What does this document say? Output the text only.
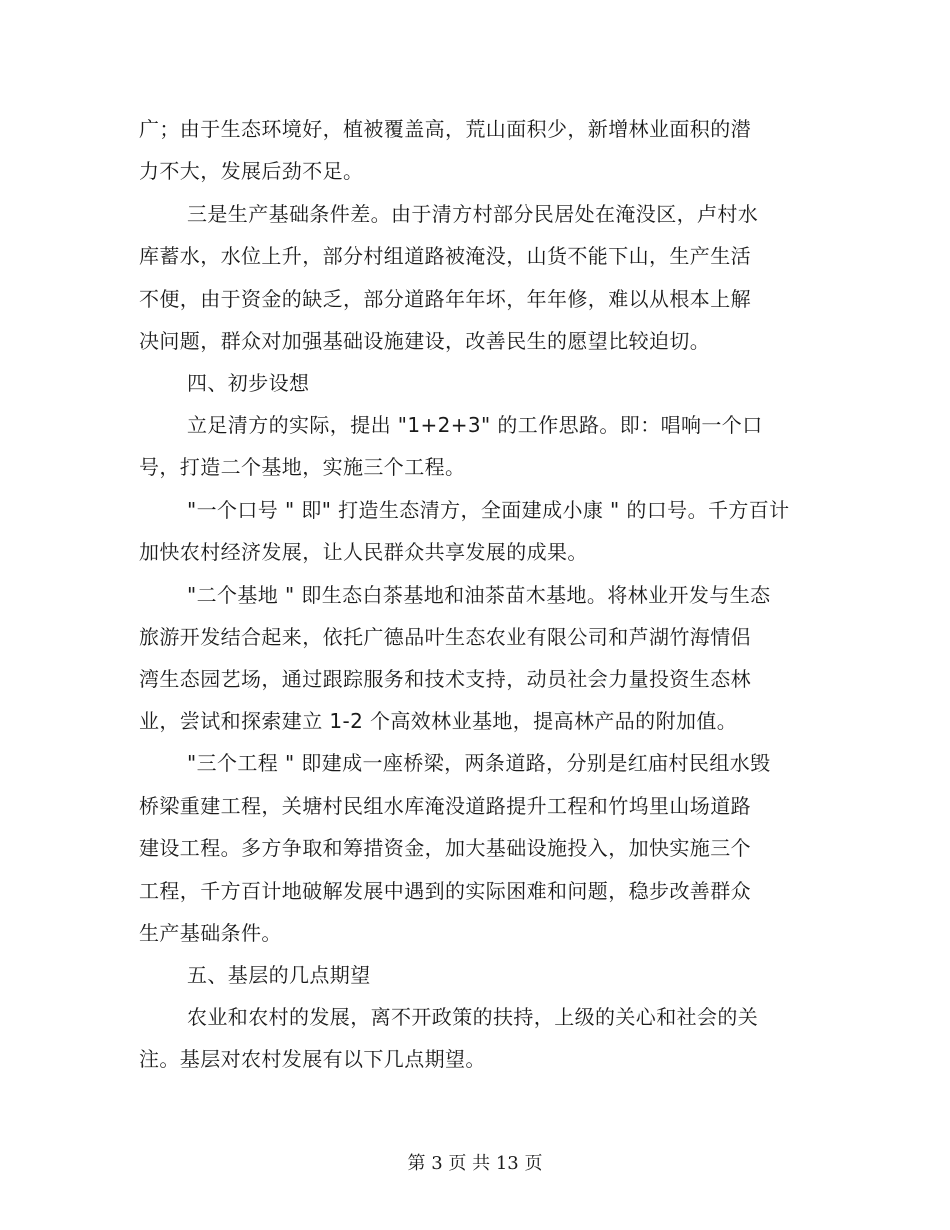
广；由于生态环境好，植被覆盖高，荒山面积少，新增林业面积的潜
力不大，发展后劲不足。
三是生产基础条件差。由于清方村部分民居处在淹没区，卢村水
库蓄水，水位上升，部分村组道路被淹没，山货不能下山，生产生活
不便，由于资金的缺乏，部分道路年年坏，年年修，难以从根本上解
决问题，群众对加强基础设施建设，改善民生的愿望比较迫切。
四、初步设想
立足清方的实际，提出 "1+2+3" 的工作思路。即：唱响一个口
号，打造二个基地，实施三个工程。
"一个口号 " 即" 打造生态清方，全面建成小康 " 的口号。千方百计
加快农村经济发展，让人民群众共享发展的成果。
"二个基地 " 即生态白茶基地和油茶苗木基地。将林业开发与生态
旅游开发结合起来，依托广德品叶生态农业有限公司和芦湖竹海情侣
湾生态园艺场，通过跟踪服务和技术支持，动员社会力量投资生态林
业，尝试和探索建立 1-2 个高效林业基地，提高林产品的附加值。
"三个工程 " 即建成一座桥梁，两条道路，分别是红庙村民组水毁
桥梁重建工程，关塘村民组水库淹没道路提升工程和竹坞里山场道路
建设工程。多方争取和筹措资金，加大基础设施投入，加快实施三个
工程，千方百计地破解发展中遇到的实际困难和问题，稳步改善群众
生产基础条件。
五、基层的几点期望
农业和农村的发展，离不开政策的扶持，上级的关心和社会的关
注。基层对农村发展有以下几点期望。
第 3 页 共 13 页
